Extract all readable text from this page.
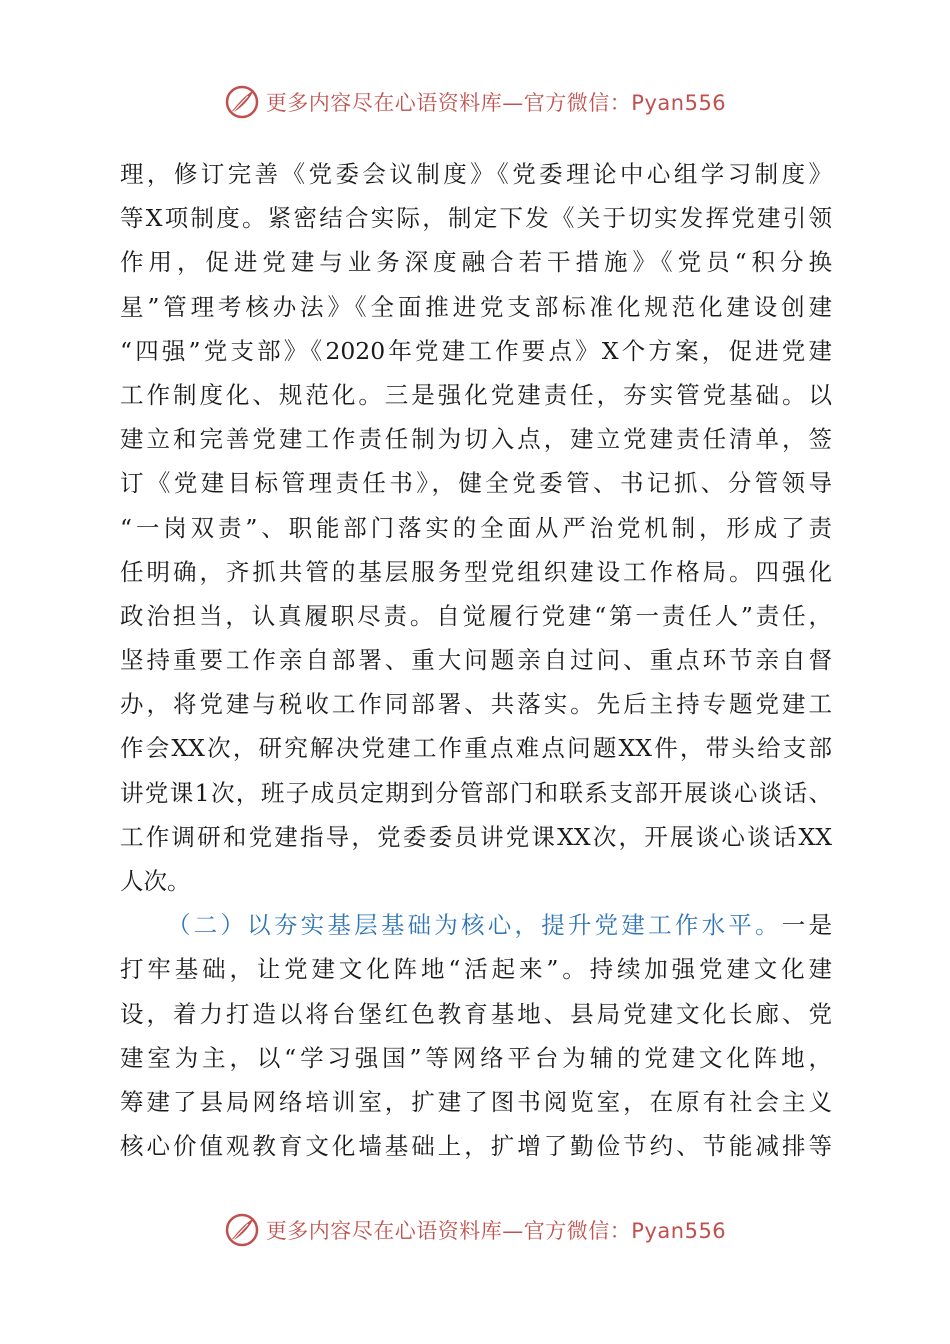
更多内容尽在心语资料库—官方微信：Pyan556
理，修订完善《党委会议制度》《党委理论中心组学习制度》
等X项制度。紧密结合实际，制定下发《关于切实发挥党建引领
作用，促进党建与业务深度融合若干措施》《党员“积分换
星”管理考核办法》《全面推进党支部标准化规范化建设创建
“四强”党支部》《2020年党建工作要点》X个方案，促进党建
工作制度化、规范化。三是强化党建责任，夯实管党基础。以
建立和完善党建工作责任制为切入点，建立党建责任清单，签
订《党建目标管理责任书》，健全党委管、书记抓、分管领导
“一岗双责”、职能部门落实的全面从严治党机制，形成了责
任明确，齐抓共管的基层服务型党组织建设工作格局。四强化
政治担当，认真履职尽责。自觉履行党建“第一责任人”责任，
坚持重要工作亲自部署、重大问题亲自过问、重点环节亲自督
办，将党建与税收工作同部署、共落实。先后主持专题党建工
作会XX次，研究解决党建工作重点难点问题XX件，带头给支部
讲党课1次，班子成员定期到分管部门和联系支部开展谈心谈话、
工作调研和党建指导，党委委员讲党课XX次，开展谈心谈话XX
人次。
（二）以夯实基层基础为核心，提升党建工作水平。一是
打牢基础，让党建文化阵地“活起来”。持续加强党建文化建
设，着力打造以将台堡红色教育基地、县局党建文化长廊、党
建室为主，以“学习强国”等网络平台为辅的党建文化阵地，
筹建了县局网络培训室，扩建了图书阅览室，在原有社会主义
核心价值观教育文化墙基础上，扩增了勤俭节约、节能减排等
更多内容尽在心语资料库—官方微信：Pyan556
